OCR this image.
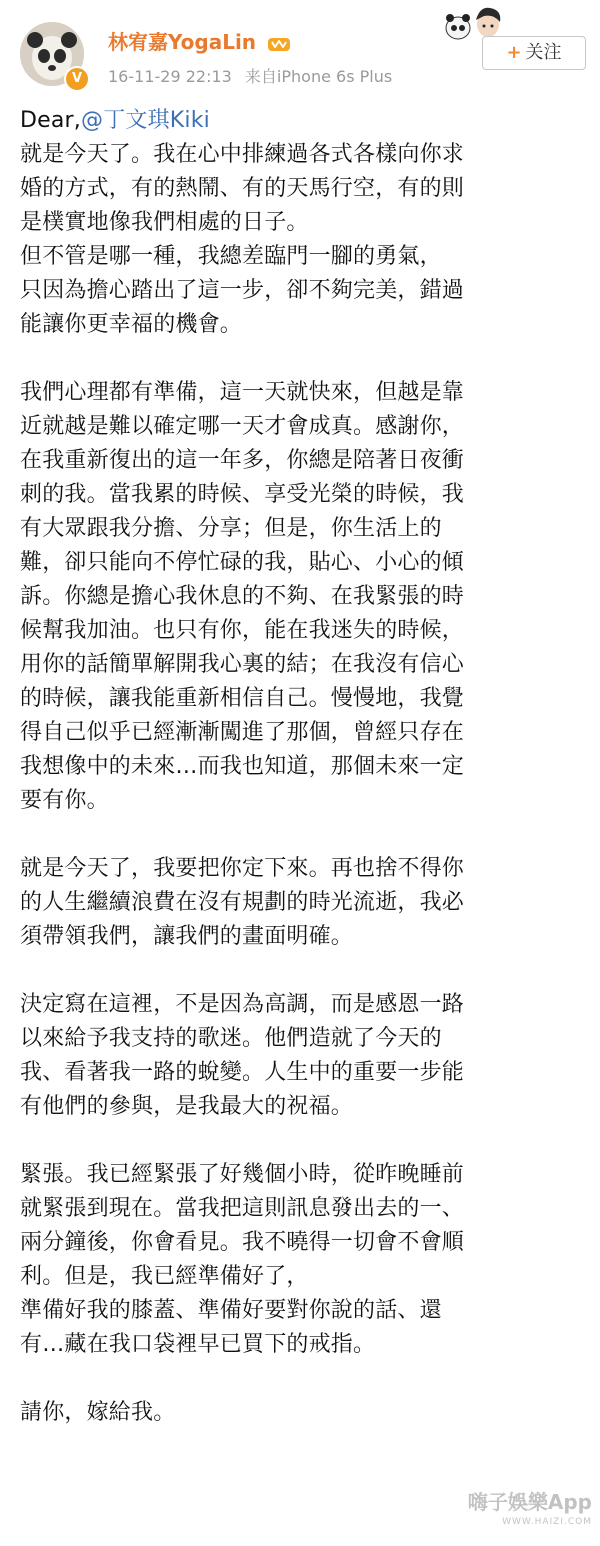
V
林宥嘉YogaLin
16-11-29 22:13 来自iPhone 6s Plus
+ 关注

Dear,@丁文琪Kiki

就是今天了。我在心中排練過各式各樣向你求

婚的方式，有的熱鬧、有的天馬行空，有的則

是樸實地像我們相處的日子。

但不管是哪一種，我總差臨門一腳的勇氣，

只因為擔心踏出了這一步，卻不夠完美，錯過

能讓你更幸福的機會。

我們心理都有準備，這一天就快來，但越是靠

近就越是難以確定哪一天才會成真。感謝你，

在我重新復出的這一年多，你總是陪著日夜衝

刺的我。當我累的時候、享受光榮的時候，我

有大眾跟我分擔、分享；但是，你生活上的

難，卻只能向不停忙碌的我，貼心、小心的傾

訴。你總是擔心我休息的不夠、在我緊張的時

候幫我加油。也只有你，能在我迷失的時候，

用你的話簡單解開我心裏的結；在我沒有信心

的時候，讓我能重新相信自己。慢慢地，我覺

得自己似乎已經漸漸闖進了那個，曾經只存在

我想像中的未來…而我也知道，那個未來一定

要有你。

就是今天了，我要把你定下來。再也捨不得你

的人生繼續浪費在沒有規劃的時光流逝，我必

須帶領我們，讓我們的畫面明確。

決定寫在這裡，不是因為高調，而是感恩一路

以來給予我支持的歌迷。他們造就了今天的

我、看著我一路的蛻變。人生中的重要一步能

有他們的參與，是我最大的祝福。

緊張。我已經緊張了好幾個小時，從昨晚睡前

就緊張到現在。當我把這則訊息發出去的一、

兩分鐘後，你會看見。我不曉得一切會不會順

利。但是，我已經準備好了，

準備好我的膝蓋、準備好要對你說的話、還

有…藏在我口袋裡早已買下的戒指。

請你，嫁給我。

嗨子娛樂App
WWW.HAIZI.COM
